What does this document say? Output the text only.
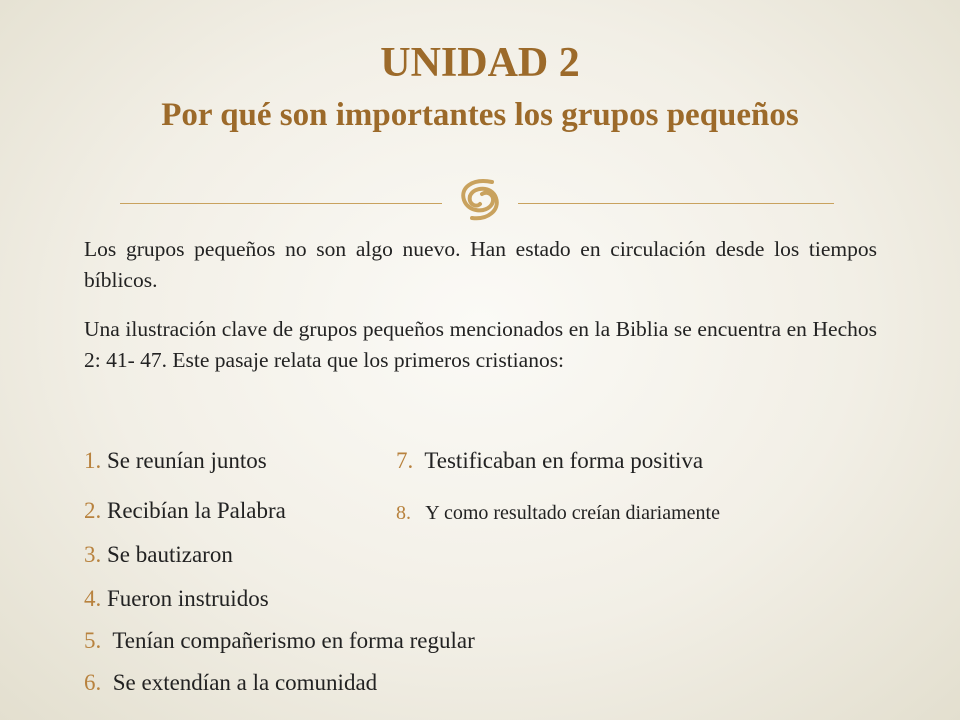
UNIDAD 2
Por qué son importantes los grupos pequeños

Los grupos pequeños no son algo nuevo. Han estado en circulación desde los tiempos bíblicos.

Una ilustración clave de grupos pequeños mencionados en la Biblia se encuentra en Hechos 2: 41- 47. Este pasaje relata que los primeros cristianos:

1. Se reunían juntos
2. Recibían la Palabra
3. Se bautizaron
4. Fueron instruidos
5.  Tenían compañerismo en forma regular
6.  Se extendían a la comunidad
7.  Testificaban en forma positiva
8.   Y como resultado creían diariamente
